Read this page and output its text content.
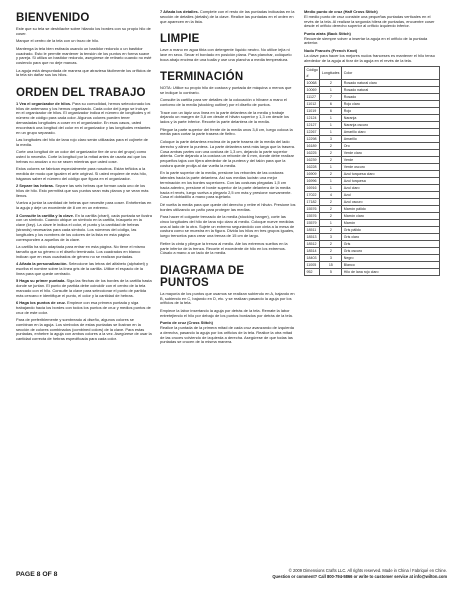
BIENVENIDO

Este que su tela se deshilache sobre hilando los bordes con su propio hilo de coser.

Marque el centro de la tela con un trozo de hilo.

Mantenga la tela bien estirada usando un bastidor redondo o un bastidor cuadrado. Esto le permite mantener la tensión de los puntos en forma suave y pareja. Si utiliza un bastidor redondo, asegúrese de retirarlo cuando no esté cosiendo para que no deje marcas.

La aguja está despuntada de manera que atraviesa fácilmente los orificios de la tela sin dañar sus los hilos.

ORDEN DEL TRABAJO

1 Vea el organizador de hilos. Para su comodidad, hemos seleccionado los hilos de antemano y los hemos organizado. Cada color del juego se incluye en el organizador de hilos. El organizador indica el número de longitudes y el número de código para cada color. Algunos colores pueden tener demasiadas longitudes a coser en el organizador. En esos casos, usted encontrará una longitud del color en el organizador y las longitudes restantes en un grupo separado.

Las longitudes del hilo de lana rojo claro serán utilizadas para el cojinete de la media.

Corte una longitud de un color del organizador tire de uno del grupo) como usted lo necesita. Corte la longitud por la mitad antes de usarla así que los hebras no anudan o no se rasen mientras que usted cose.

Estos colores se fabrican especialmente para nosotros. Están teñidos a la medida de modo que igualen el arte original. Si usted requiere de más hilo, háganos saber el número del código que figura en el organizador.

2 Separe las hebras. Separe las seis hebras que forman cada uno de los hilos de hilo. Esto permitirá que sus puntos sean más planos y se vean más llenos.

Vuelva a juntar la cantidad de hebras que necesite para coser. Enhébrelas en la aguja y deje un excedente de 8 cm en un extremo.

3 Consulte la cartilla y la clave. En la cartilla (chart), cada puntada se ilustra con un símbolo. Cuando ubique un símbolo en la cartilla, búsquelo en la clave (key). La clave le indica el color, el punto y la cantidad de hebras (strands) necesarias para cada símbolo. Los números del código, las longitudes y los nombres de los colores de la lista en esta página corresponden a aquellos de la clave.

La cartilla ha sido adaptada para entrar en esta página. No tiene el mismo tamaño que su género o el diseño terminado. Los cuadrados en blanco indican que en esos cuadrados de género no se realizan puntadas.

4 Añada la personalización. Seleccione las letras del alfabeto (alphabet) y escriba el nombre sobre la línea gris de la cartilla. Utilice el espacio de la línea para que quede centrado.

5 Haga su primer puntada. Siga las flechas de los bordes de la cartilla hasta donde se juntan. El punto de partida debe coincidir con el centro de la tela marcado con el hilo. Consulte la clave para seleccionar el punto de partida más cercano e identifique el punto, el color y la cantidad de hebras.

6 Haga los puntos de cruz. Empiece con esa primera puntada y siga trabajando hacia los bordes con todos los puntos de cruz y medios puntos de cruz de este color.

Para de preferiblemente y sombreado al diseño, algunos colores se combinan en la aguja. Los símbolos de estas puntadas se ilustran en la sección de colores combinados (combined colors) de la clave. Para estas puntadas, enhebre la aguja con ambos colores a la vez. Asegúrese de usar la cantidad correcta de hebras especificada para cada color.

7 Añada los detalles. Complete con el resto de las puntadas indicadas en la sección de detalles (details) de la clave. Realice las puntadas en el orden en que aparecen en la lista.

LIMPIE

Lave a mano en agua tibia con detergente líquido neutro. No utilice lejía ni lave en seco. Secar el bordado en posición plana. Para planchar, colóquelo boca abajo encima de una toalla y use una plancha a media temperatura.

TERMINACIÓN

NOTA: Utilice su propio hilo de costura y puntada de máquina o menos que se indique lo contrario.

Consulte la cartilla para ver detalles de la colocación o hilvane a mano el contorno de la media (stocking outline) por el diseño de puntos.

Trace con un lápiz una línea en la parte delantera de la media y trabaje dejando un margen de 3,8 cm desde el hilván superior y 1,3 cm desde los lados y la parte inferior. Recorte la parte delantera de la media.

Pliegue la parte superior del frente de la media unos 3,8 cm, luego coloca la media para cortar la parte trasera de fieltro.

Coloque la parte delantera encima de la parte trasera de la media del lado derecho y alinee la puntera. La parte delantera será más larga que la trasera. Cosa ambas partes con una costura de 1,3 cm, dejando la parte superior abierta. Corte dejando a la costura un reborde de 6 mm, donde debe realizar pequeños tajos con tijera alrededor de la puntera y del talón para que la costura quede prolija al dar vuelta la media.

En la parte superior de la media, presione los rebordes de las costuras laterales hacia la parte delantera. Así sus medias lucirán una mejor terminación en los bordes superiores. Con las costuras plegadas 1,5 cm hacia adentro, presione el borde superior de la parte delantera de la media hacia el revés, luego vuelva a plegarlo 2,5 cm más y presione nuevamente. Cosa el dobladillo a mano para sujetarlo.

Dé vuelta la media para que quede del derecho y retire el hilván. Presione los bordes utilizando un paño para proteger las medias.

Para hacer el colgante trenzado de la media (stocking hanger), corte las cinco longitudes del hilo de lana rojo claro al medio. Coloque nueve medidas una al lado de la otra. Sujete un extremo segurándolo con cinta a la mesa de costura como se muestra en la figura. Divida los hilos en tres grupos iguales, luego trencelos para crear una trenza de 15 cm de largo.

Retire la cinta y pliegue la trenza al medio. Ate los extremos sueltos en la parte inferior de la trenza. Recorte el excedente de hilo en los extremos. Cósalo a mano a un lado de la media.

DIAGRAMA DE PUNTOS

La mayoría de los puntos que usamos se realizan subiendo en A, bajando en B, subiendo en C, bajando en D, etc. y se realizan pasando la aguja por los orificios de la tela.

Empiece la labor insertando la aguja por detrás de la tela. Remate la labor entretejiendo el hilo por debajo de los puntos bordados por detrás de la tela.

Punto de cruz (Cross Stitch)
Realice la puntada de la primera mitad de cada cruz avanzando de izquierda a derecha, pasando la aguja por los orificios de la tela. Realice la otra mitad de las cruces volviendo de izquierda a derecha. Asegúrese de que todas las puntadas se crucen de la misma manera.

Medio punto de cruz (Half Cross Stitch)
El medio punto de cruz consiste una pequeñas puntadas verticales en el revés de la tela. Al realizar la segunda hilera de puntadas, encuentre coser desde el orificio derecho superior al orificio izquierdo inferior.

Punto atrás (Back Stitch)
Recuerde siempre volver a insertar la aguja en el orificio de la puntada anterior.

Nudo Francés (French Knot)
La clave para hacer los mejores nudos franceses es mantener el hilo tenso alrededor de la aguja al tirar de la aguja en el revés de la tela.

Código #	Longitudes	Color
10068	2	Rosado natural claro
10069	1	Rosado natural
11127	7	Rosado
11012	6	Rojo claro
11019	6	Rojo
12124	1	Naranja
12127	1	Naranja oscuro
12267	1	Amarillo claro
12298	3	Amarillo
16189	2	Oro
16225	2	Verde claro
16239	2	Verde
16228	1	Verde oscuro
16909	2	Azul turquesa claro
16996	1	Azul turquesa
16916	1	Azul claro
17022	4	Azul
17182	2	Azul oscuro
15576	2	Marrón pálido
15576	2	Marrón claro
15579	1	Marrón
18511	2	Gris pálido
18513	3	Gris claro
18512	2	Gris
18514	2	Gris oscuro
18403	3	Negro
11005	15	Blanco
952	5	Hilo de lana rojo claro
PAGE 8 OF 8
© 2009 Dimensions Crafts LLC. All rights reserved. Made in China / Fabriqué en Chine.
Question or comment? Call 800-794-5866 or write to customer service at info@wilton.com
